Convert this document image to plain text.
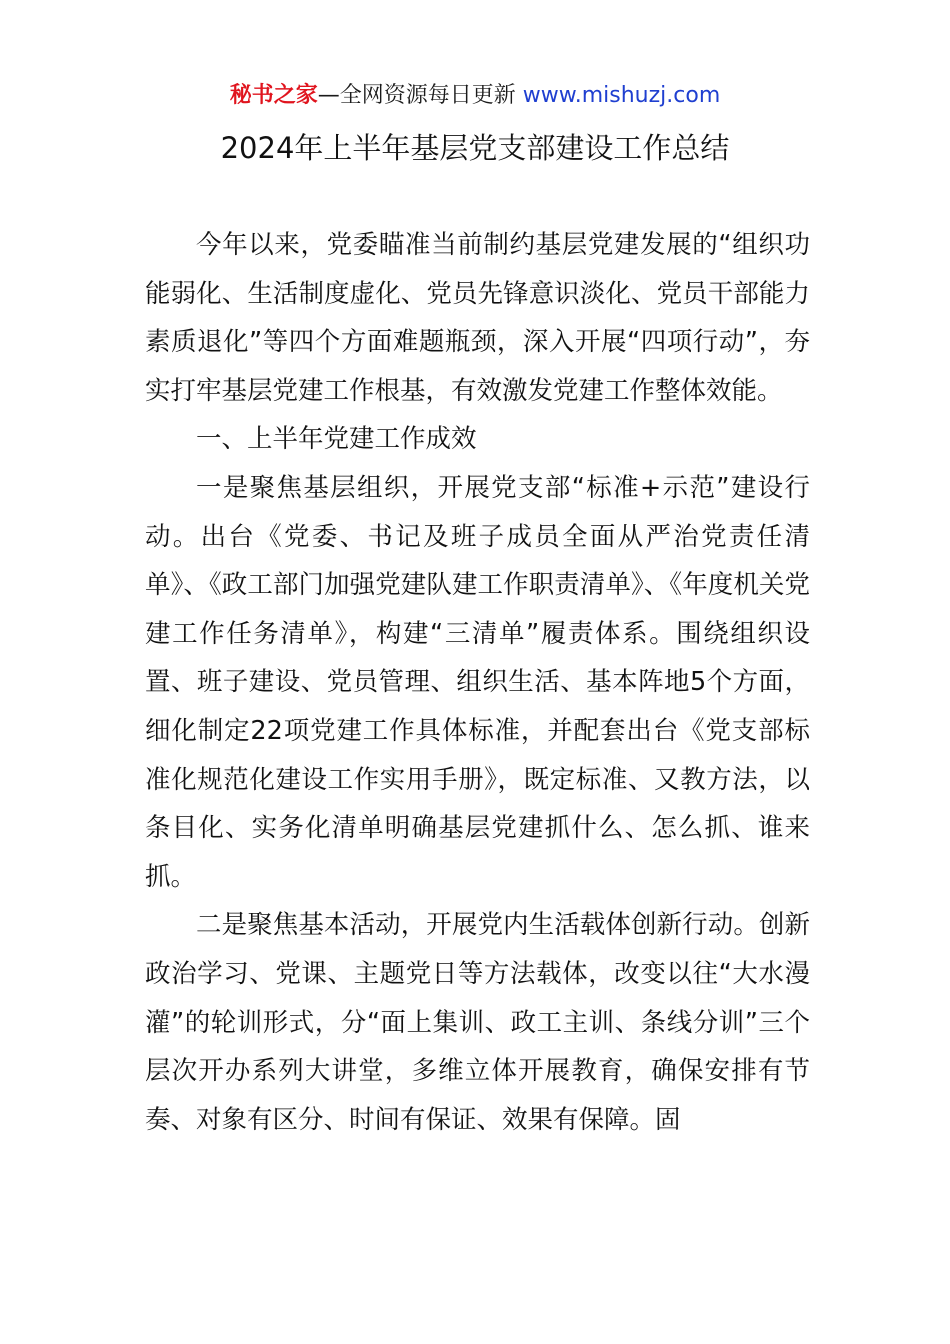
秘书之家—全网资源每日更新 www.mishuzj.com
2024年上半年基层党支部建设工作总结

今年以来，党委瞄准当前制约基层党建发展的“组织功能弱化、生活制度虚化、党员先锋意识淡化、党员干部能力素质退化”等四个方面难题瓶颈，深入开展“四项行动”，夯实打牢基层党建工作根基，有效激发党建工作整体效能。

一、上半年党建工作成效

一是聚焦基层组织，开展党支部“标准+示范”建设行动。出台《党委、书记及班子成员全面从严治党责任清单》、《政工部门加强党建队建工作职责清单》、《年度机关党建工作任务清单》，构建“三清单”履责体系。围绕组织设置、班子建设、党员管理、组织生活、基本阵地5个方面，细化制定22项党建工作具体标准，并配套出台《党支部标准化规范化建设工作实用手册》，既定标准、又教方法，以条目化、实务化清单明确基层党建抓什么、怎么抓、谁来抓。

二是聚焦基本活动，开展党内生活载体创新行动。创新政治学习、党课、主题党日等方法载体，改变以往“大水漫灌”的轮训形式，分“面上集训、政工主训、条线分训”三个层次开办系列大讲堂，多维立体开展教育，确保安排有节奏、对象有区分、时间有保证、效果有保障。固
